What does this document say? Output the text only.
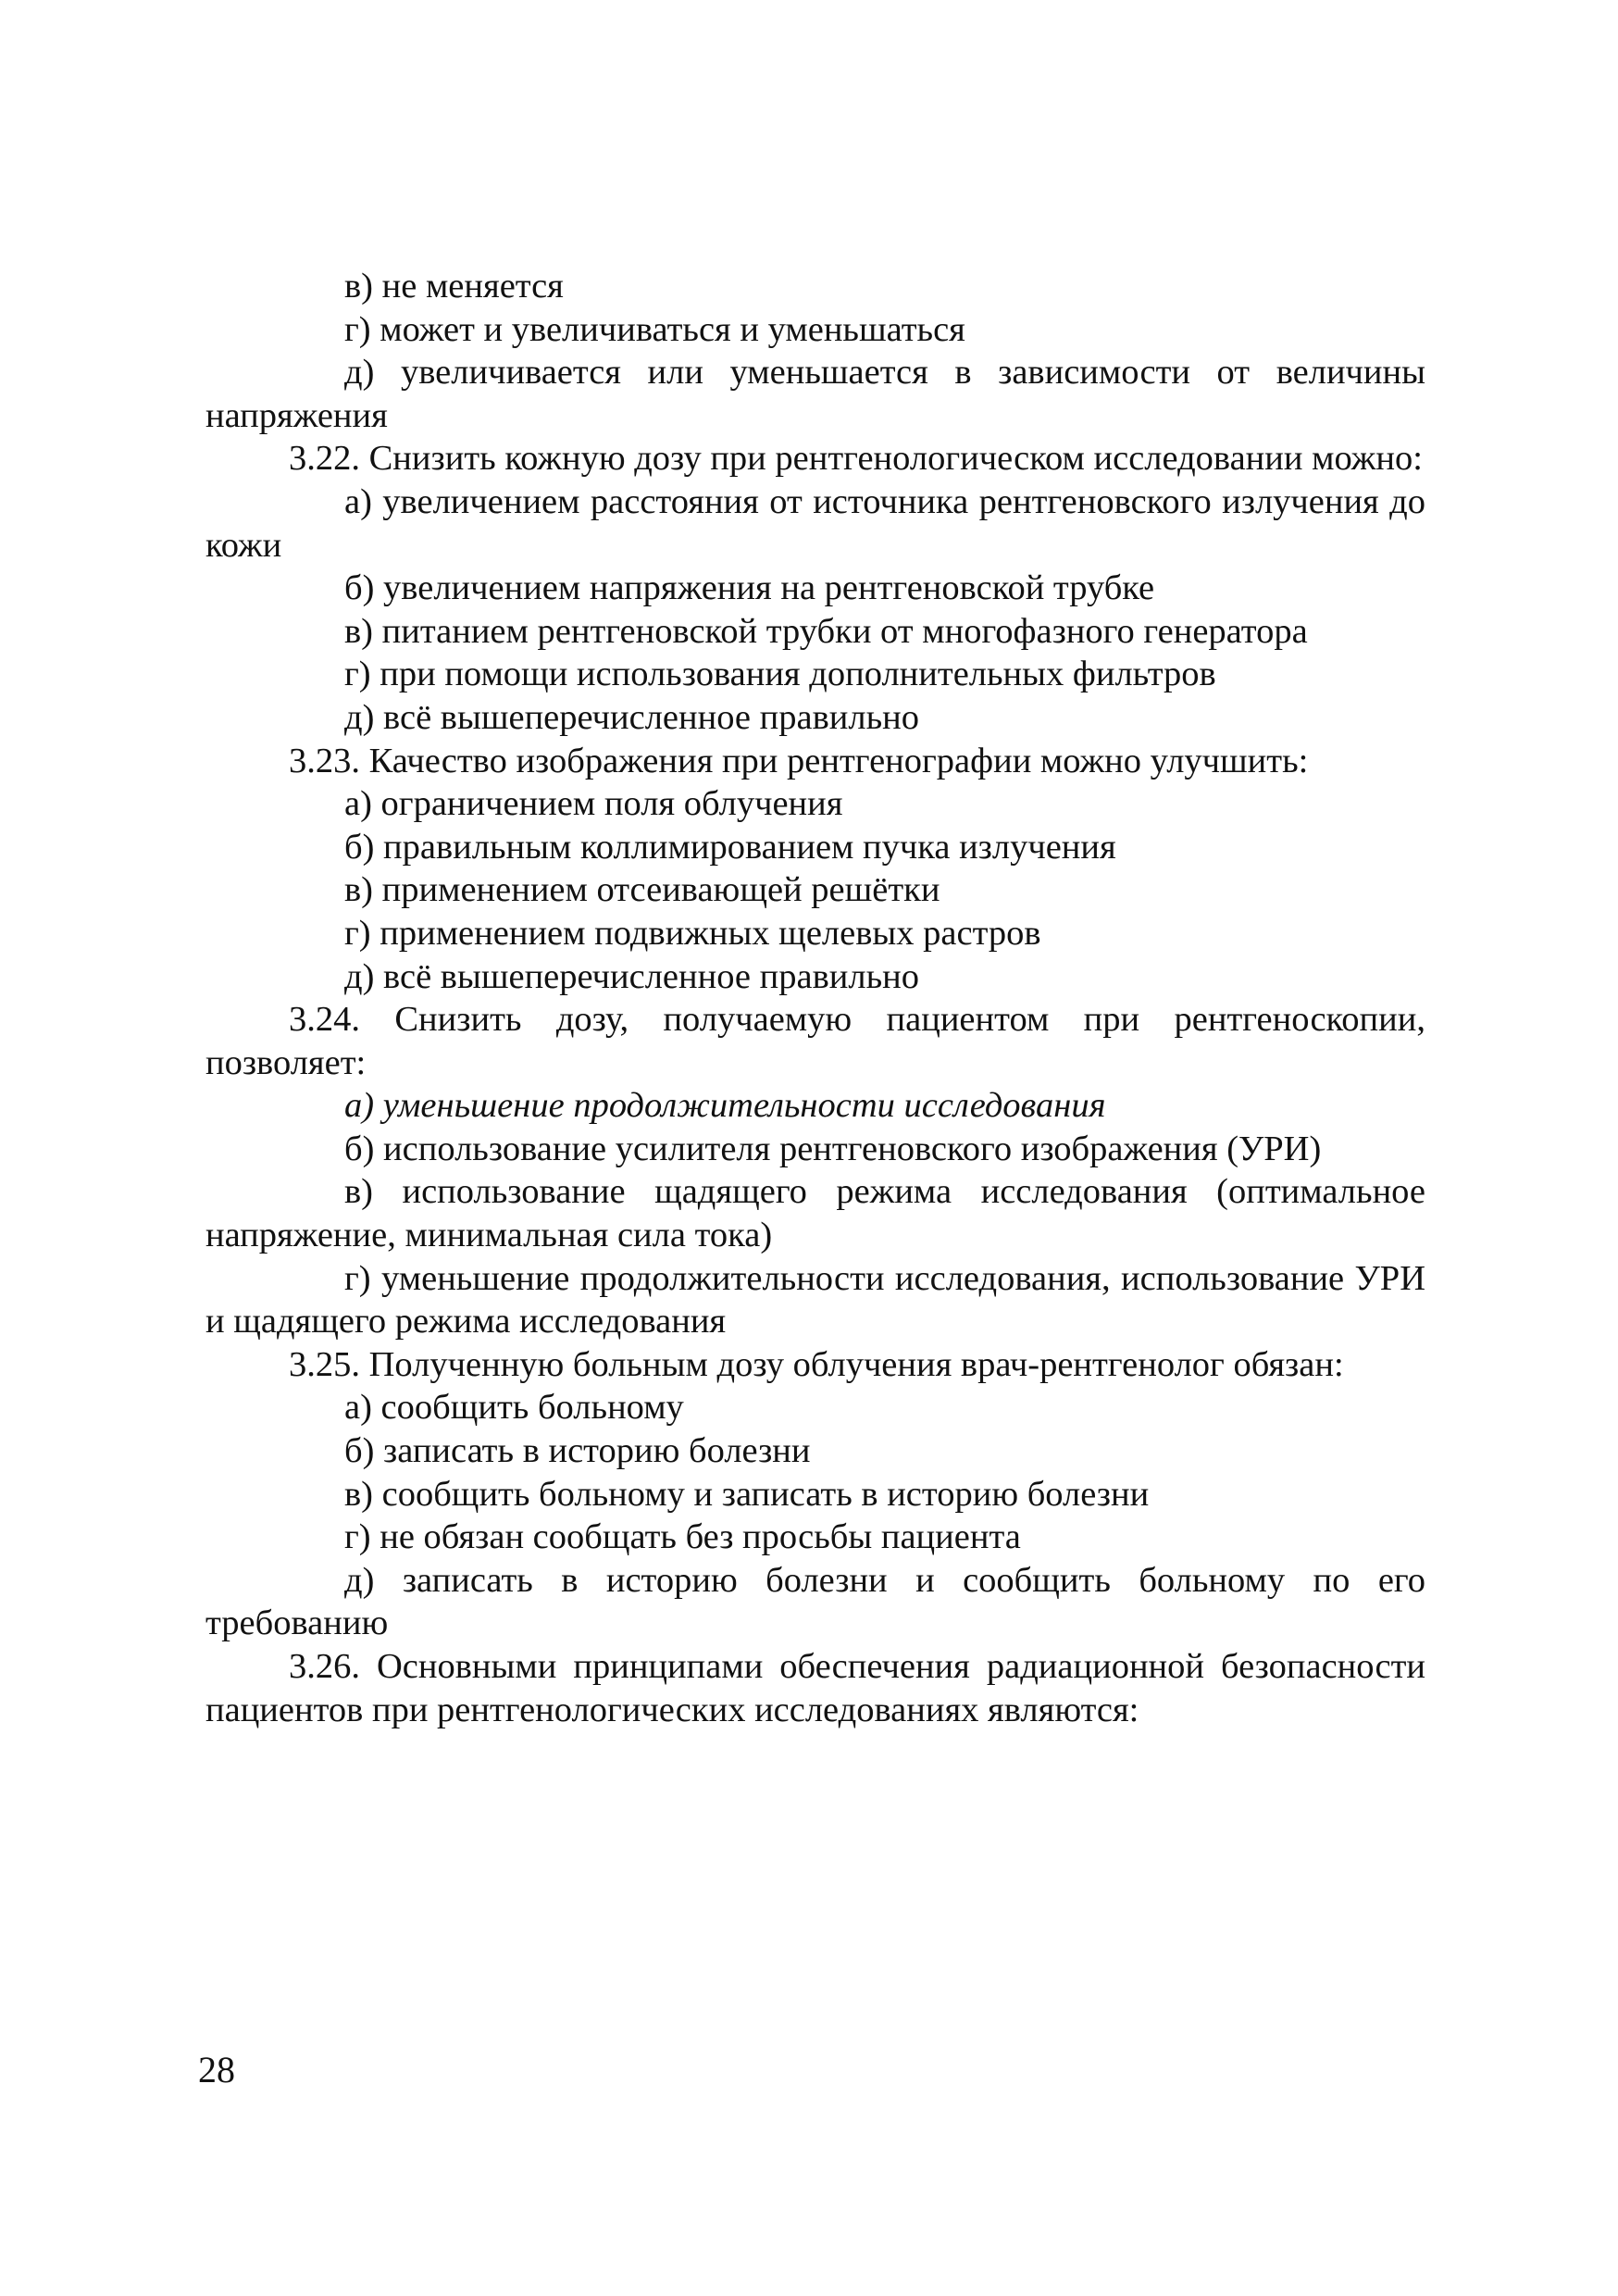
в) не меняется

г) может и увеличиваться и уменьшаться

д) увеличивается или уменьшается в зависимости от величины напряжения

3.22. Снизить кожную дозу при рентгенологическом исследовании можно:

а) увеличением расстояния от источника рентгеновского излучения до кожи

б) увеличением напряжения на рентгеновской трубке

в) питанием рентгеновской трубки от многофазного генератора

г) при помощи использования дополнительных фильтров

д) всё вышеперечисленное правильно

3.23. Качество изображения при рентгенографии можно улучшить:

а) ограничением поля облучения

б) правильным коллимированием пучка излучения

в) применением отсеивающей решётки

г) применением подвижных щелевых растров

д) всё вышеперечисленное правильно

3.24. Снизить дозу, получаемую пациентом при рентгеноскопии, позволяет:

а) уменьшение продолжительности исследования

б) использование усилителя рентгеновского изображения (УРИ)

в) использование щадящего режима исследования (оптимальное напряжение, минимальная сила тока)

г) уменьшение продолжительности исследования, использование УРИ и щадящего режима исследования

3.25. Полученную больным дозу облучения врач-рентгенолог обязан:

а) сообщить больному

б) записать в историю болезни

в) сообщить больному и записать в историю болезни

г) не обязан сообщать без просьбы пациента

д) записать в историю болезни и сообщить больному по его требованию

3.26. Основными принципами обеспечения радиационной безопасности пациентов при рентгенологических исследованиях являются:

28
